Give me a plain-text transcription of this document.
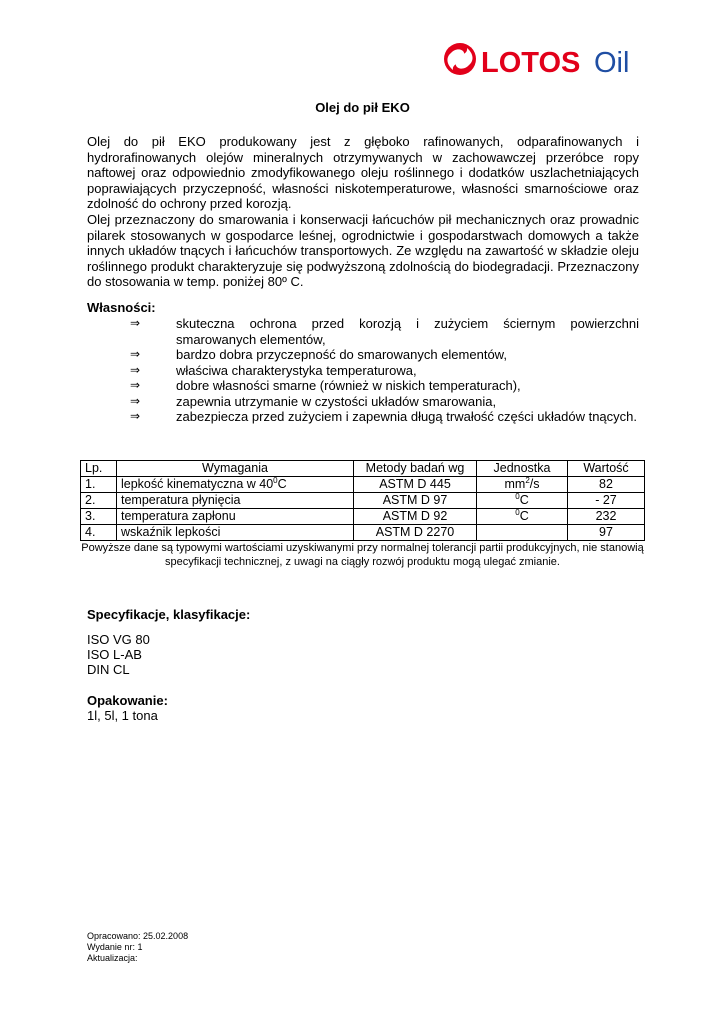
LOTOS Oil
Olej do pił EKO
Olej do pił EKO produkowany jest z głęboko rafinowanych, odparafinowanych i hydrorafinowanych olejów mineralnych otrzymywanych w zachowawczej przeróbce ropy naftowej oraz odpowiednio zmodyfikowanego oleju roślinnego i dodatków uszlachetniających poprawiających przyczepność, własności niskotemperaturowe, własności smarnościowe oraz zdolność do ochrony przed korozją.
Olej przeznaczony do smarowania i konserwacji łańcuchów pił mechanicznych oraz prowadnic pilarek stosowanych w gospodarce leśnej, ogrodnictwie i gospodarstwach domowych a także innych układów tnących i łańcuchów transportowych. Ze względu na zawartość w składzie oleju roślinnego produkt charakteryzuje się podwyższoną zdolnością do biodegradacji. Przeznaczony do stosowania w temp. poniżej 80º C.
Własności:
⇒	skuteczna ochrona przed korozją i zużyciem ściernym powierzchni smarowanych elementów,
⇒	bardzo dobra przyczepność do smarowanych elementów,
⇒	właściwa charakterystyka temperaturowa,
⇒	dobre własności smarne (również w niskich temperaturach),
⇒	zapewnia utrzymanie w czystości układów smarowania,
⇒	zabezpiecza przed zużyciem i zapewnia długą trwałość części układów tnących.
Lp.	Wymagania	Metody badań wg	Jednostka	Wartość
1.	lepkość kinematyczna w $40^0C$	ASTM D 445	$mm^2/s$	82
2.	temperatura płynięcia	ASTM D 97	$^0$C	- 27
3.	temperatura zapłonu	ASTM D 92	$^0$C	232
4.	wskaźnik lepkości	ASTM D 2270		97
Powyższe dane są typowymi wartościami uzyskiwanymi przy normalnej tolerancji partii produkcyjnych, nie stanowią specyfikacji technicznej, z uwagi na ciągły rozwój produktu mogą ulegać zmianie.
Specyfikacje, klasyfikacje:
ISO VG 80
ISO L-AB
DIN CL
Opakowanie:
1l, 5l, 1 tona
Opracowano: 25.02.2008
Wydanie nr: 1
Aktualizacja:
